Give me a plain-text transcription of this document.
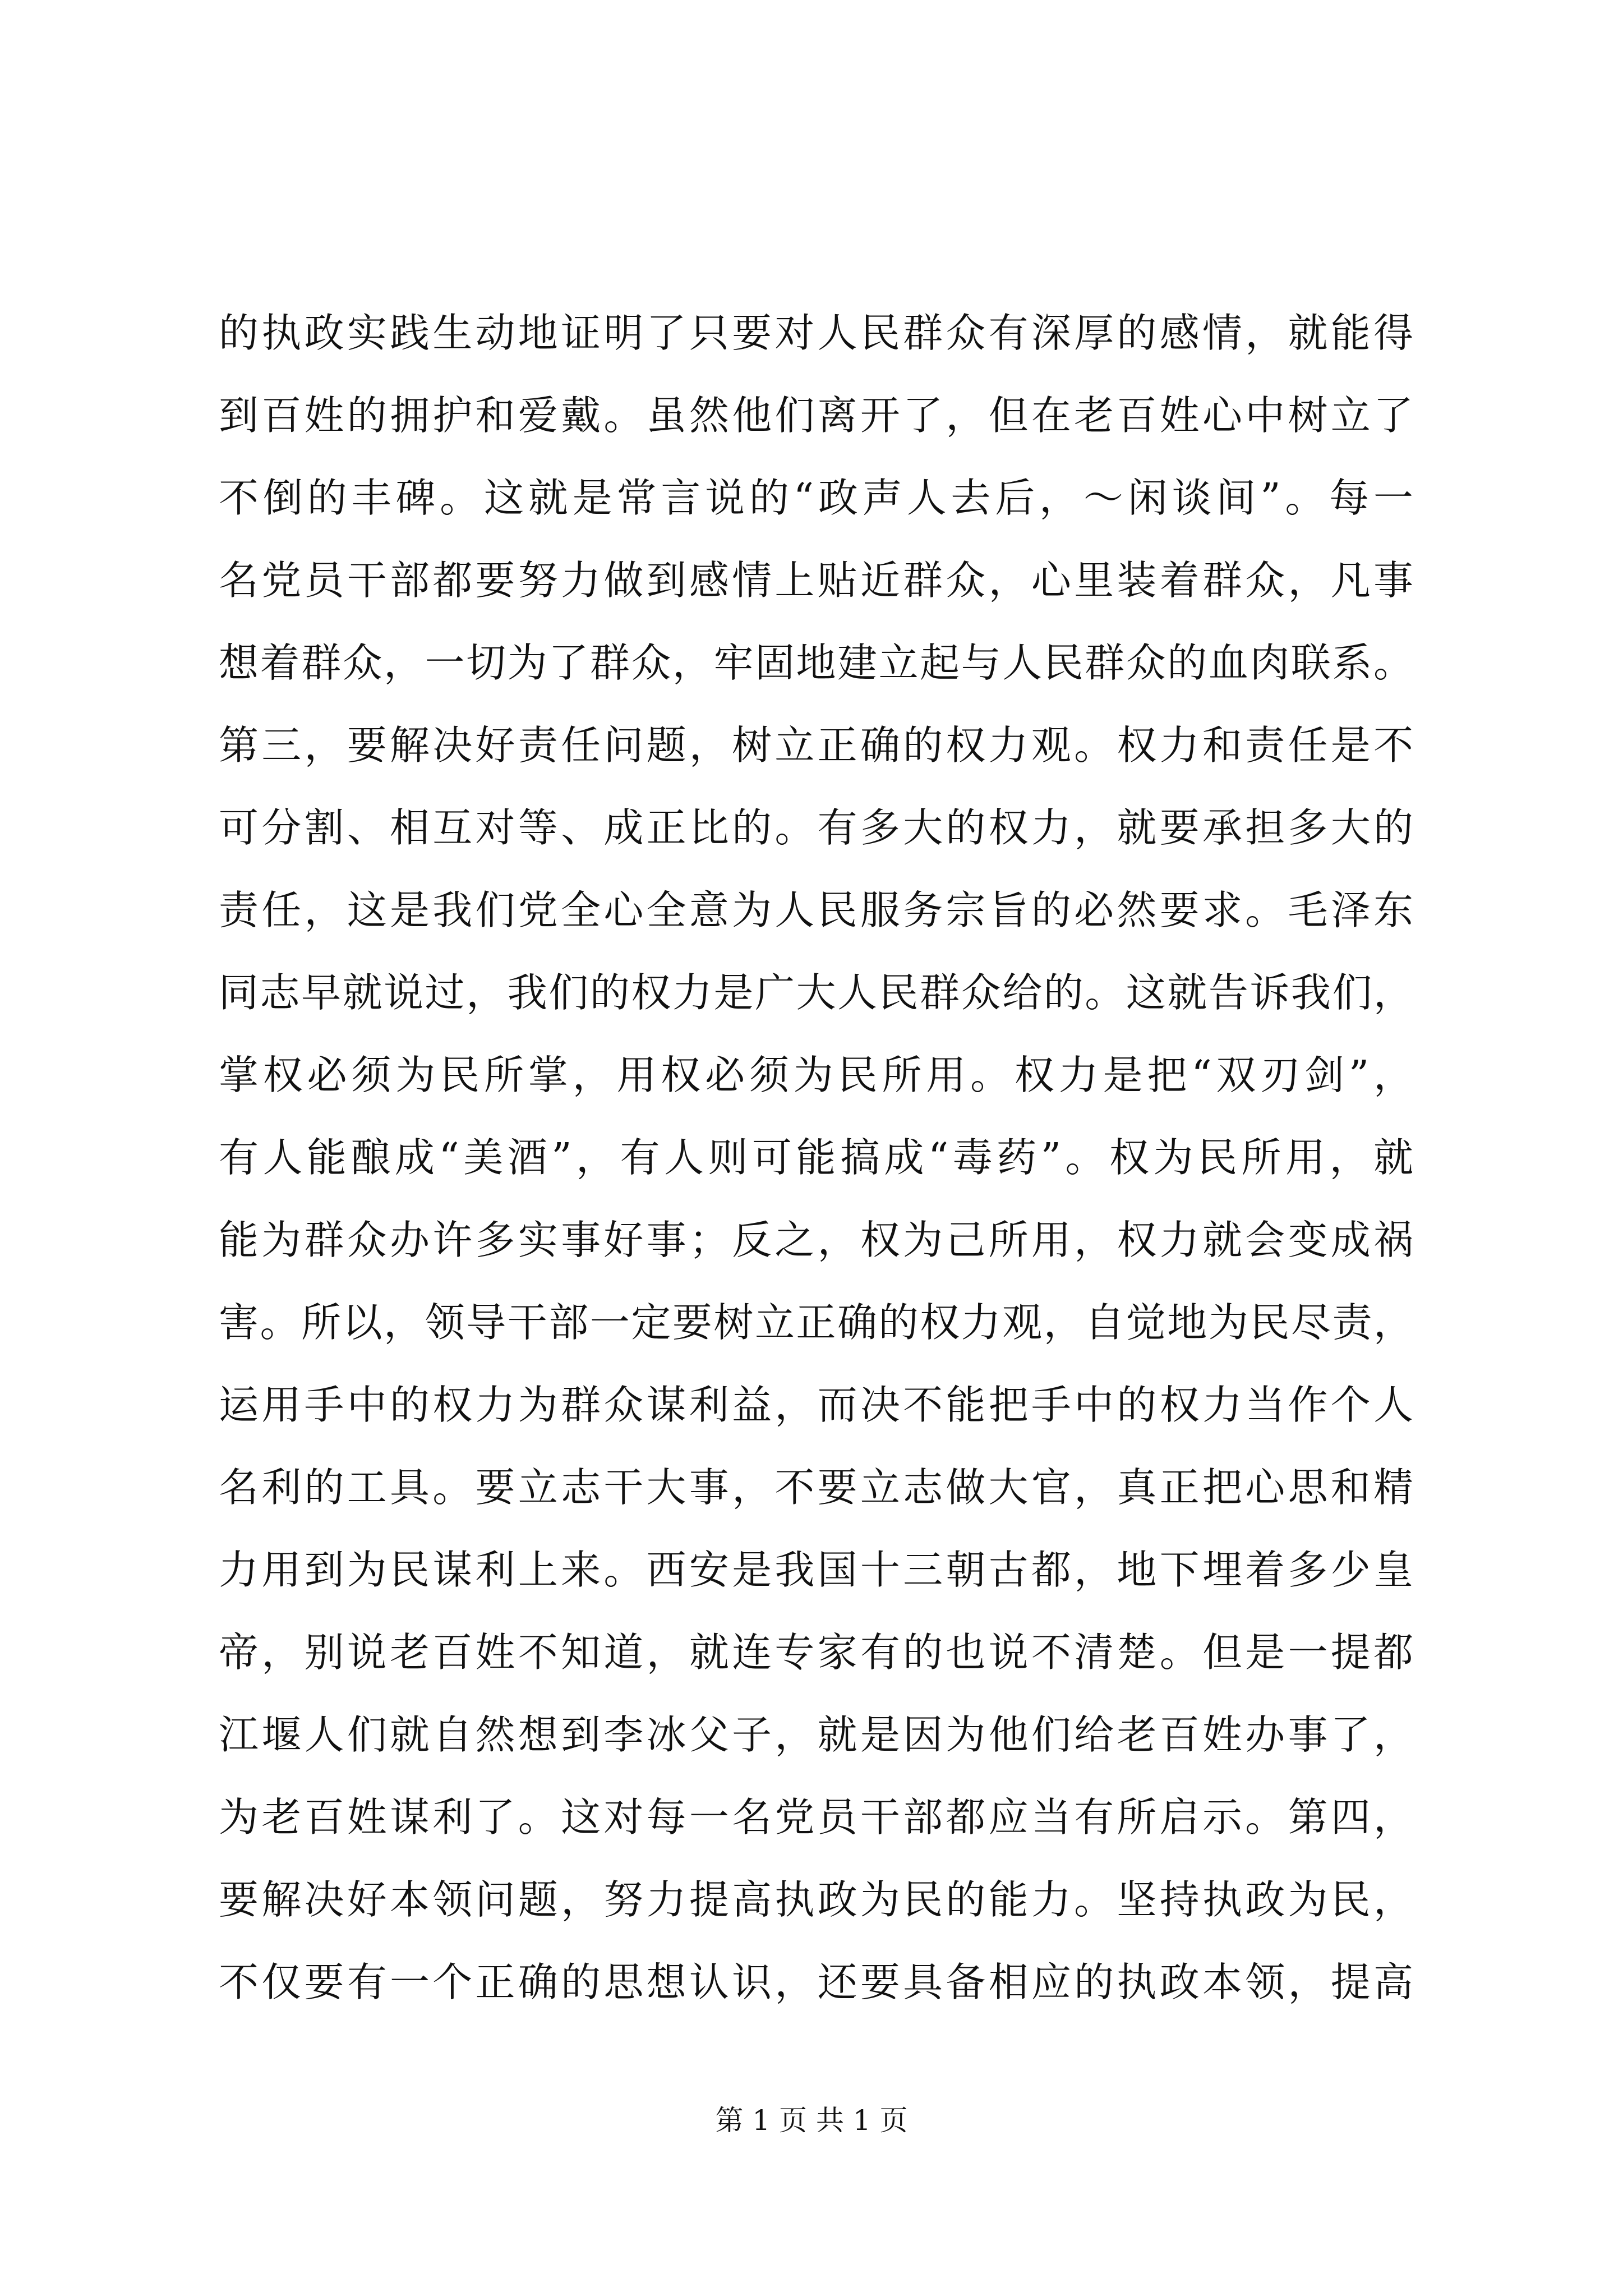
的执政实践生动地证明了只要对人民群众有深厚的感情，就能得
到百姓的拥护和爱戴。虽然他们离开了，但在老百姓心中树立了
不倒的丰碑。这就是常言说的“政声人去后，～闲谈间”。每一
名党员干部都要努力做到感情上贴近群众，心里装着群众，凡事
想着群众，一切为了群众，牢固地建立起与人民群众的血肉联系。
第三，要解决好责任问题，树立正确的权力观。权力和责任是不
可分割、相互对等、成正比的。有多大的权力，就要承担多大的
责任，这是我们党全心全意为人民服务宗旨的必然要求。毛泽东
同志早就说过，我们的权力是广大人民群众给的。这就告诉我们，
掌权必须为民所掌，用权必须为民所用。权力是把“双刃剑”，
有人能酿成“美酒”，有人则可能搞成“毒药”。权为民所用，就
能为群众办许多实事好事；反之，权为己所用，权力就会变成祸
害。所以，领导干部一定要树立正确的权力观，自觉地为民尽责，
运用手中的权力为群众谋利益，而决不能把手中的权力当作个人
名利的工具。要立志干大事，不要立志做大官，真正把心思和精
力用到为民谋利上来。西安是我国十三朝古都，地下埋着多少皇
帝，别说老百姓不知道，就连专家有的也说不清楚。但是一提都
江堰人们就自然想到李冰父子，就是因为他们给老百姓办事了，
为老百姓谋利了。这对每一名党员干部都应当有所启示。第四，
要解决好本领问题，努力提高执政为民的能力。坚持执政为民，
不仅要有一个正确的思想认识，还要具备相应的执政本领，提高
第 1 页 共 1 页
